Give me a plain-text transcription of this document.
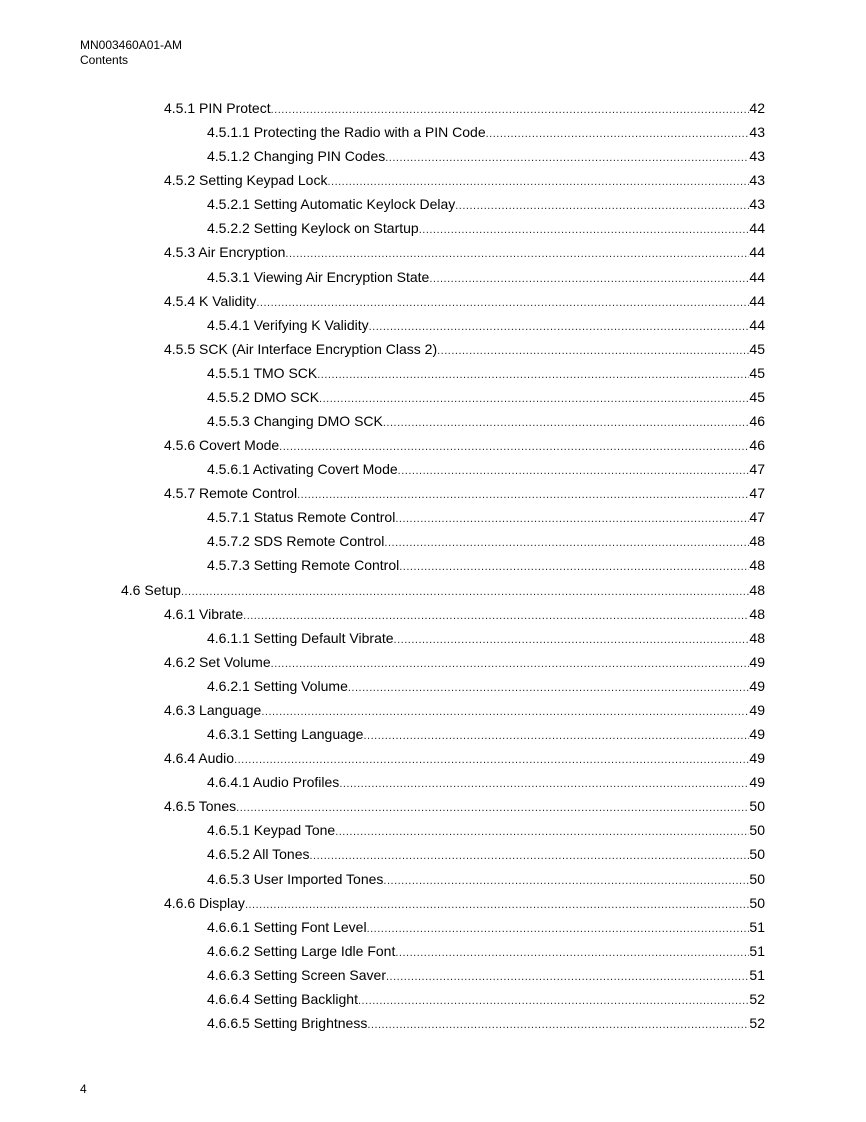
MN003460A01-AM
Contents
4.5.1 PIN Protect .....	42
4.5.1.1 Protecting the Radio with a PIN Code .....	43
4.5.1.2 Changing PIN Codes .....	43
4.5.2 Setting Keypad Lock .....	43
4.5.2.1 Setting Automatic Keylock Delay .....	43
4.5.2.2 Setting Keylock on Startup .....	44
4.5.3 Air Encryption .....	44
4.5.3.1 Viewing Air Encryption State .....	44
4.5.4 K Validity .....	44
4.5.4.1 Verifying K Validity .....	44
4.5.5 SCK (Air Interface Encryption Class 2) .....	45
4.5.5.1 TMO SCK .....	45
4.5.5.2 DMO SCK .....	45
4.5.5.3 Changing DMO SCK .....	46
4.5.6 Covert Mode .....	46
4.5.6.1 Activating Covert Mode .....	47
4.5.7 Remote Control .....	47
4.5.7.1 Status Remote Control .....	47
4.5.7.2 SDS Remote Control .....	48
4.5.7.3 Setting Remote Control .....	48
4.6 Setup .....	48
4.6.1 Vibrate .....	48
4.6.1.1 Setting Default Vibrate .....	48
4.6.2 Set Volume .....	49
4.6.2.1 Setting Volume .....	49
4.6.3 Language .....	49
4.6.3.1 Setting Language .....	49
4.6.4 Audio .....	49
4.6.4.1 Audio Profiles .....	49
4.6.5 Tones .....	50
4.6.5.1 Keypad Tone .....	50
4.6.5.2 All Tones .....	50
4.6.5.3 User Imported Tones .....	50
4.6.6 Display .....	50
4.6.6.1 Setting Font Level .....	51
4.6.6.2 Setting Large Idle Font .....	51
4.6.6.3 Setting Screen Saver .....	51
4.6.6.4 Setting Backlight .....	52
4.6.6.5 Setting Brightness .....	52
4
